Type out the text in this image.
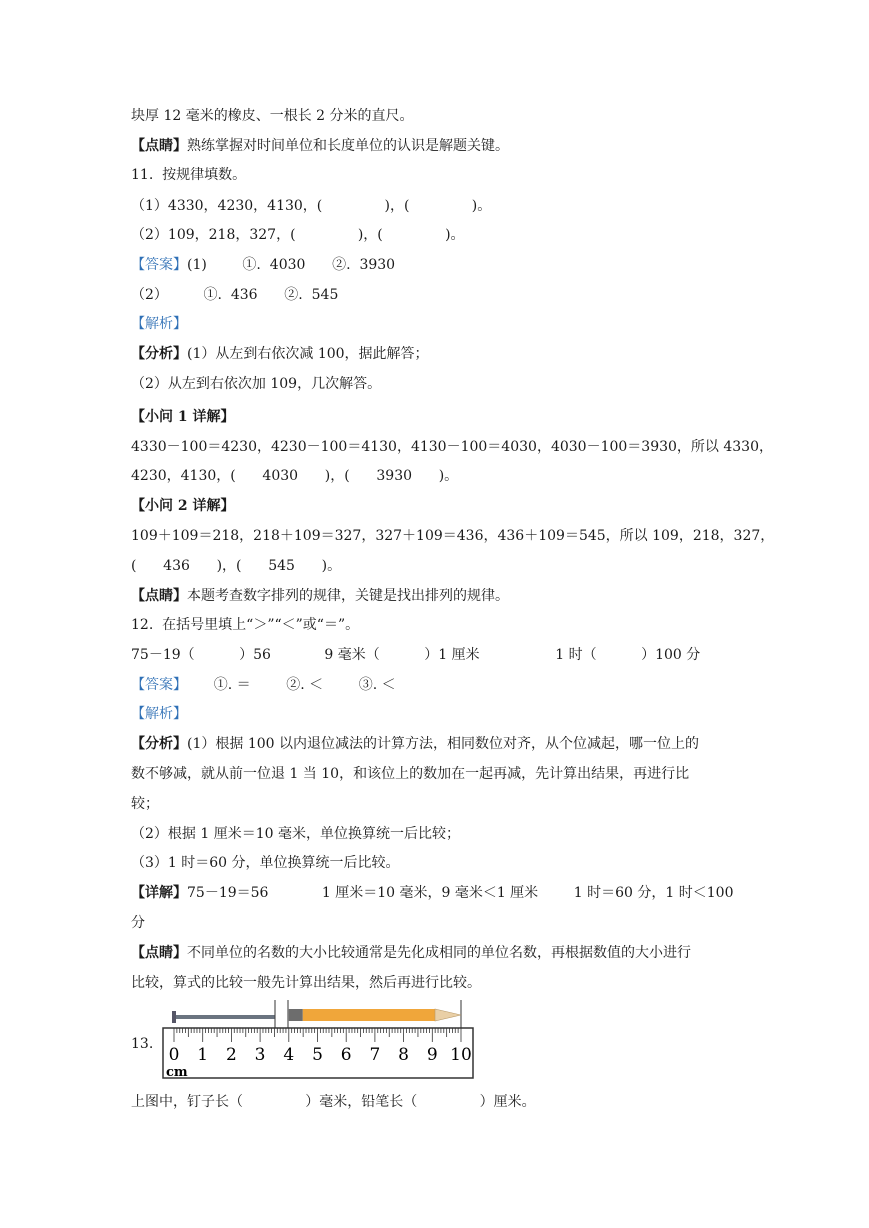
块厚 12 毫米的橡皮、一根长 2 分米的直尺。
【点睛】熟练掌握对时间单位和长度单位的认识是解题关键。
11.  按规律填数。
（1）4330，4230，4130，(              )，(              )。
（2）109，218，327，(              )，(              )。
【答案】(1)        ①.  4030      ②.  3930
（2）        ①.  436      ②.  545
【解析】
【分析】(1）从左到右依次减 100，据此解答；
（2）从左到右依次加 109，几次解答。
【小问 1 详解】
4330－100＝4230，4230－100＝4130，4130－100＝4030，4030－100＝3930，所以 4330，
4230，4130，(      4030      )，(      3930      )。
【小问 2 详解】
109＋109＝218，218＋109＝327，327＋109＝436，436＋109＝545，所以 109，218，327，
(      436      )，(      545      )。
【点睛】本题考查数字排列的规律，关键是找出排列的规律。
12.  在括号里填上“＞”“＜”或“＝”。
75－19（          ）56            9 毫米（          ）1 厘米                 1 时（          ）100 分
【答案】      ①. ＝        ②. ＜        ③. ＜
【解析】
【分析】(1）根据 100 以内退位减法的计算方法，相同数位对齐，从个位减起，哪一位上的
数不够减，就从前一位退 1 当 10，和该位上的数加在一起再减，先计算出结果，再进行比
较；
（2）根据 1 厘米＝10 毫米，单位换算统一后比较；
（3）1 时＝60 分，单位换算统一后比较。
【详解】75－19＝56            1 厘米＝10 毫米，9 毫米＜1 厘米        1 时＝60 分，1 时＜100
分
【点睛】不同单位的名数的大小比较通常是先化成相同的单位名数，再根据数值的大小进行
比较，算式的比较一般先计算出结果，然后再进行比较。
13.
0 1 2 3 4 5 6 7 8 9 10
cm
上图中，钉子长（              ）毫米，铅笔长（              ）厘米。
